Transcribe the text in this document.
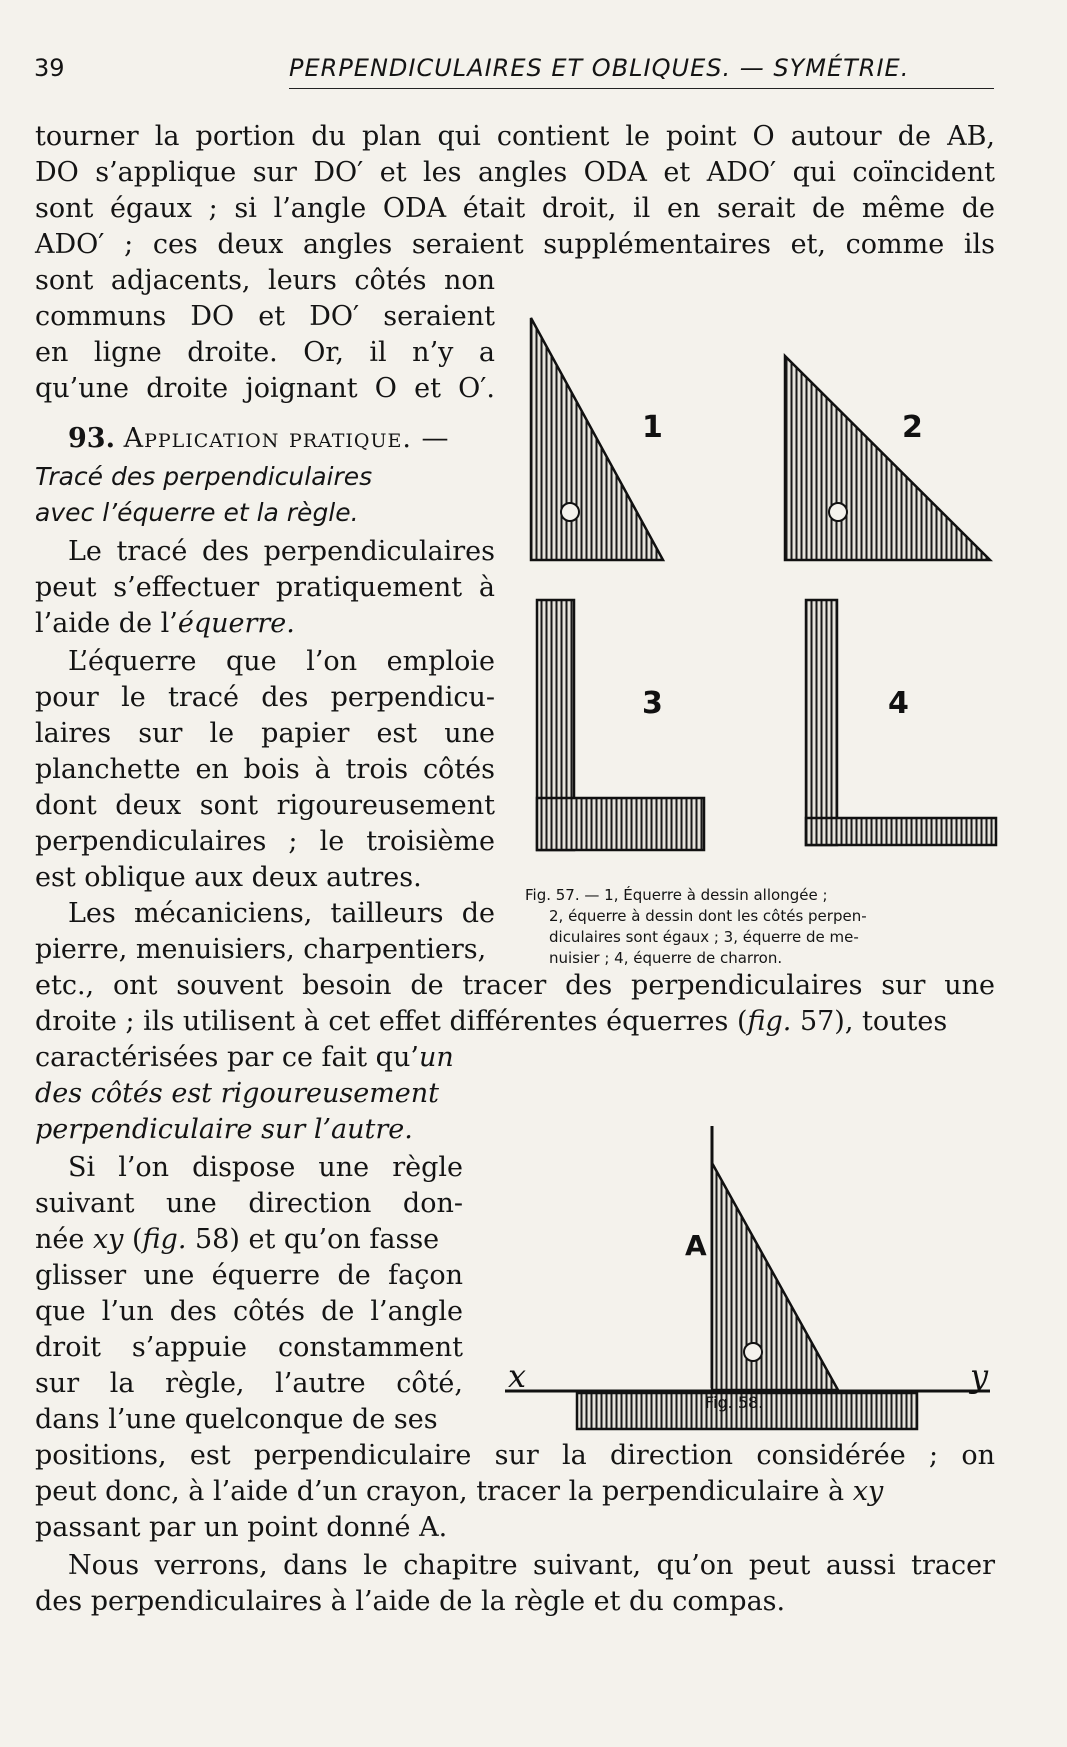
39	PERPENDICULAIRES ET OBLIQUES. — SYMÉTRIE.
tourner la portion du plan qui contient le point O autour de AB,
DO s’applique sur DO′ et les angles ODA et ADO′ qui coïncident
sont égaux ; si l’angle ODA était droit, il en serait de même de
ADO′ ; ces deux angles seraient supplémentaires et, comme ils
sont adjacents, leurs côtés non
communs DO et DO′ seraient
en ligne droite. Or, il n’y a
qu’une droite joignant O et O′.
93. Application pratique. —
Tracé des perpendiculaires
avec l’équerre et la règle.
Le tracé des perpendiculaires
peut s’effectuer pratiquement à
l’aide de l’équerre.
L’équerre que l’on emploie
pour le tracé des perpendicu-
laires sur le papier est une
planchette en bois à trois côtés
dont deux sont rigoureusement
perpendiculaires ; le troisième
est oblique aux deux autres.
Les mécaniciens, tailleurs de
pierre, menuisiers, charpentiers,
etc., ont souvent besoin de tracer des perpendiculaires sur une
droite ; ils utilisent à cet effet différentes équerres (fig. 57), toutes
caractérisées par ce fait qu’un
des côtés est rigoureusement
perpendiculaire sur l’autre.
Si l’on dispose une règle
suivant une direction don-
née xy (fig. 58) et qu’on fasse
glisser une équerre de façon
que l’un des côtés de l’angle
droit s’appuie constamment
sur la règle, l’autre côté,
dans l’une quelconque de ses
positions, est perpendiculaire sur la direction considérée ; on
peut donc, à l’aide d’un crayon, tracer la perpendiculaire à xy
passant par un point donné A.
Nous verrons, dans le chapitre suivant, qu’on peut aussi tracer
des perpendiculaires à l’aide de la règle et du compas.
1	2
3	4
Fig. 57. — 1, Équerre à dessin allongée ;
2, équerre à dessin dont les côtés perpen-
diculaires sont égaux ; 3, équerre de me-
nuisier ; 4, équerre de charron.
A
x	y
Fig. 58.
